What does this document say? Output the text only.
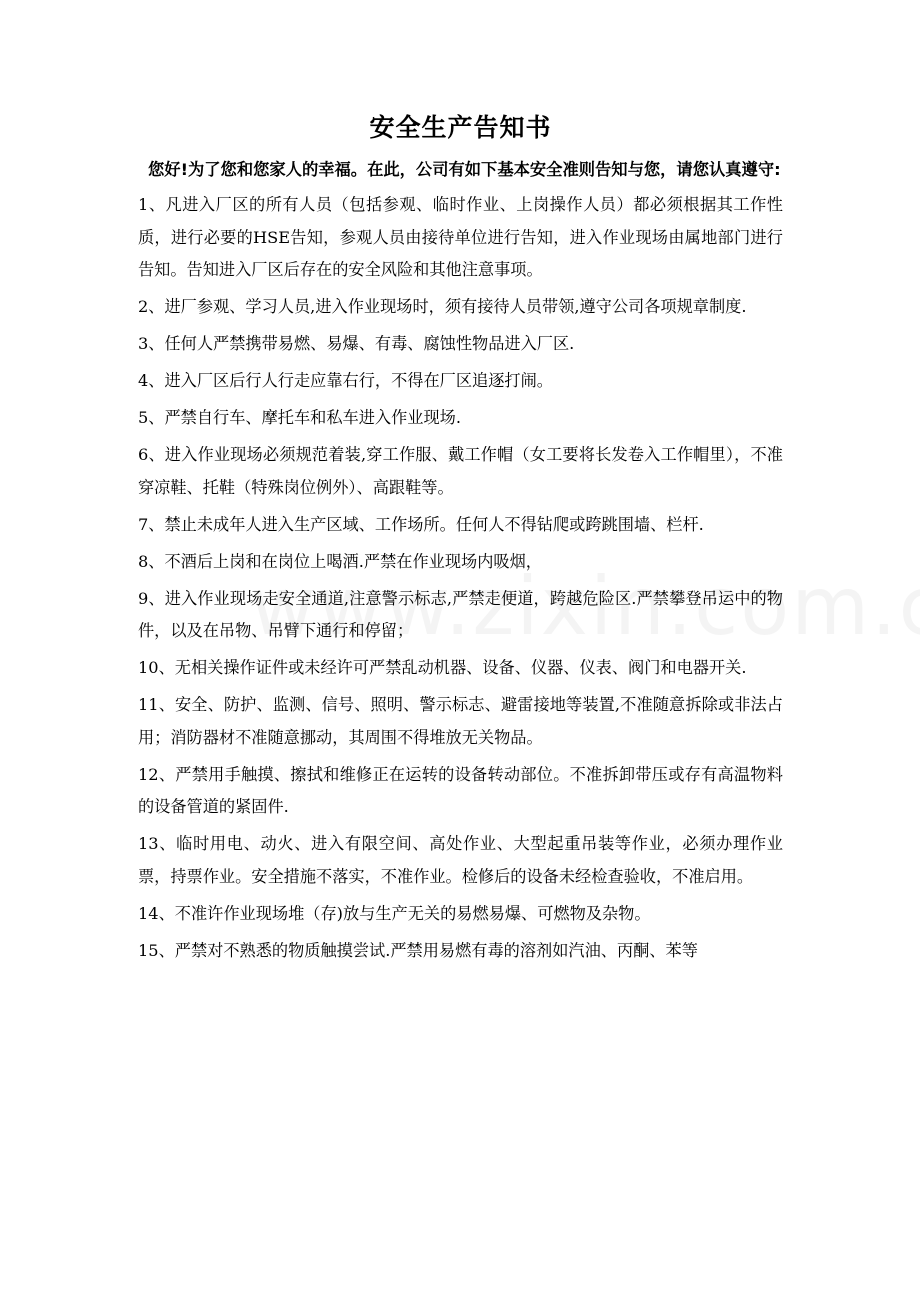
安全生产告知书

您好!为了您和您家人的幸福。在此，公司有如下基本安全准则告知与您，请您认真遵守:

1、凡进入厂区的所有人员（包括参观、临时作业、上岗操作人员）都必须根据其工作性质，进行必要的HSE告知，参观人员由接待单位进行告知，进入作业现场由属地部门进行告知。告知进入厂区后存在的安全风险和其他注意事项。

2、进厂参观、学习人员,进入作业现场时，须有接待人员带领,遵守公司各项规章制度.

3、任何人严禁携带易燃、易爆、有毒、腐蚀性物品进入厂区.

4、进入厂区后行人行走应靠右行，不得在厂区追逐打闹。

5、严禁自行车、摩托车和私车进入作业现场.

6、进入作业现场必须规范着装,穿工作服、戴工作帽（女工要将长发卷入工作帽里），不准穿凉鞋、托鞋（特殊岗位例外）、高跟鞋等。

7、禁止未成年人进入生产区域、工作场所。任何人不得钻爬或跨跳围墙、栏杆.

8、不酒后上岗和在岗位上喝酒.严禁在作业现场内吸烟，

9、进入作业现场走安全通道,注意警示标志,严禁走便道，跨越危险区.严禁攀登吊运中的物件，以及在吊物、吊臂下通行和停留；

10、无相关操作证件或未经许可严禁乱动机器、设备、仪器、仪表、阀门和电器开关.

11、安全、防护、监测、信号、照明、警示标志、避雷接地等装置,不准随意拆除或非法占用；消防器材不准随意挪动，其周围不得堆放无关物品。

12、严禁用手触摸、擦拭和维修正在运转的设备转动部位。不准拆卸带压或存有高温物料的设备管道的紧固件.

13、临时用电、动火、进入有限空间、高处作业、大型起重吊装等作业，必须办理作业票，持票作业。安全措施不落实，不准作业。检修后的设备未经检查验收，不准启用。

14、不准许作业现场堆（存)放与生产无关的易燃易爆、可燃物及杂物。

15、严禁对不熟悉的物质触摸尝试.严禁用易燃有毒的溶剂如汽油、丙酮、苯等
